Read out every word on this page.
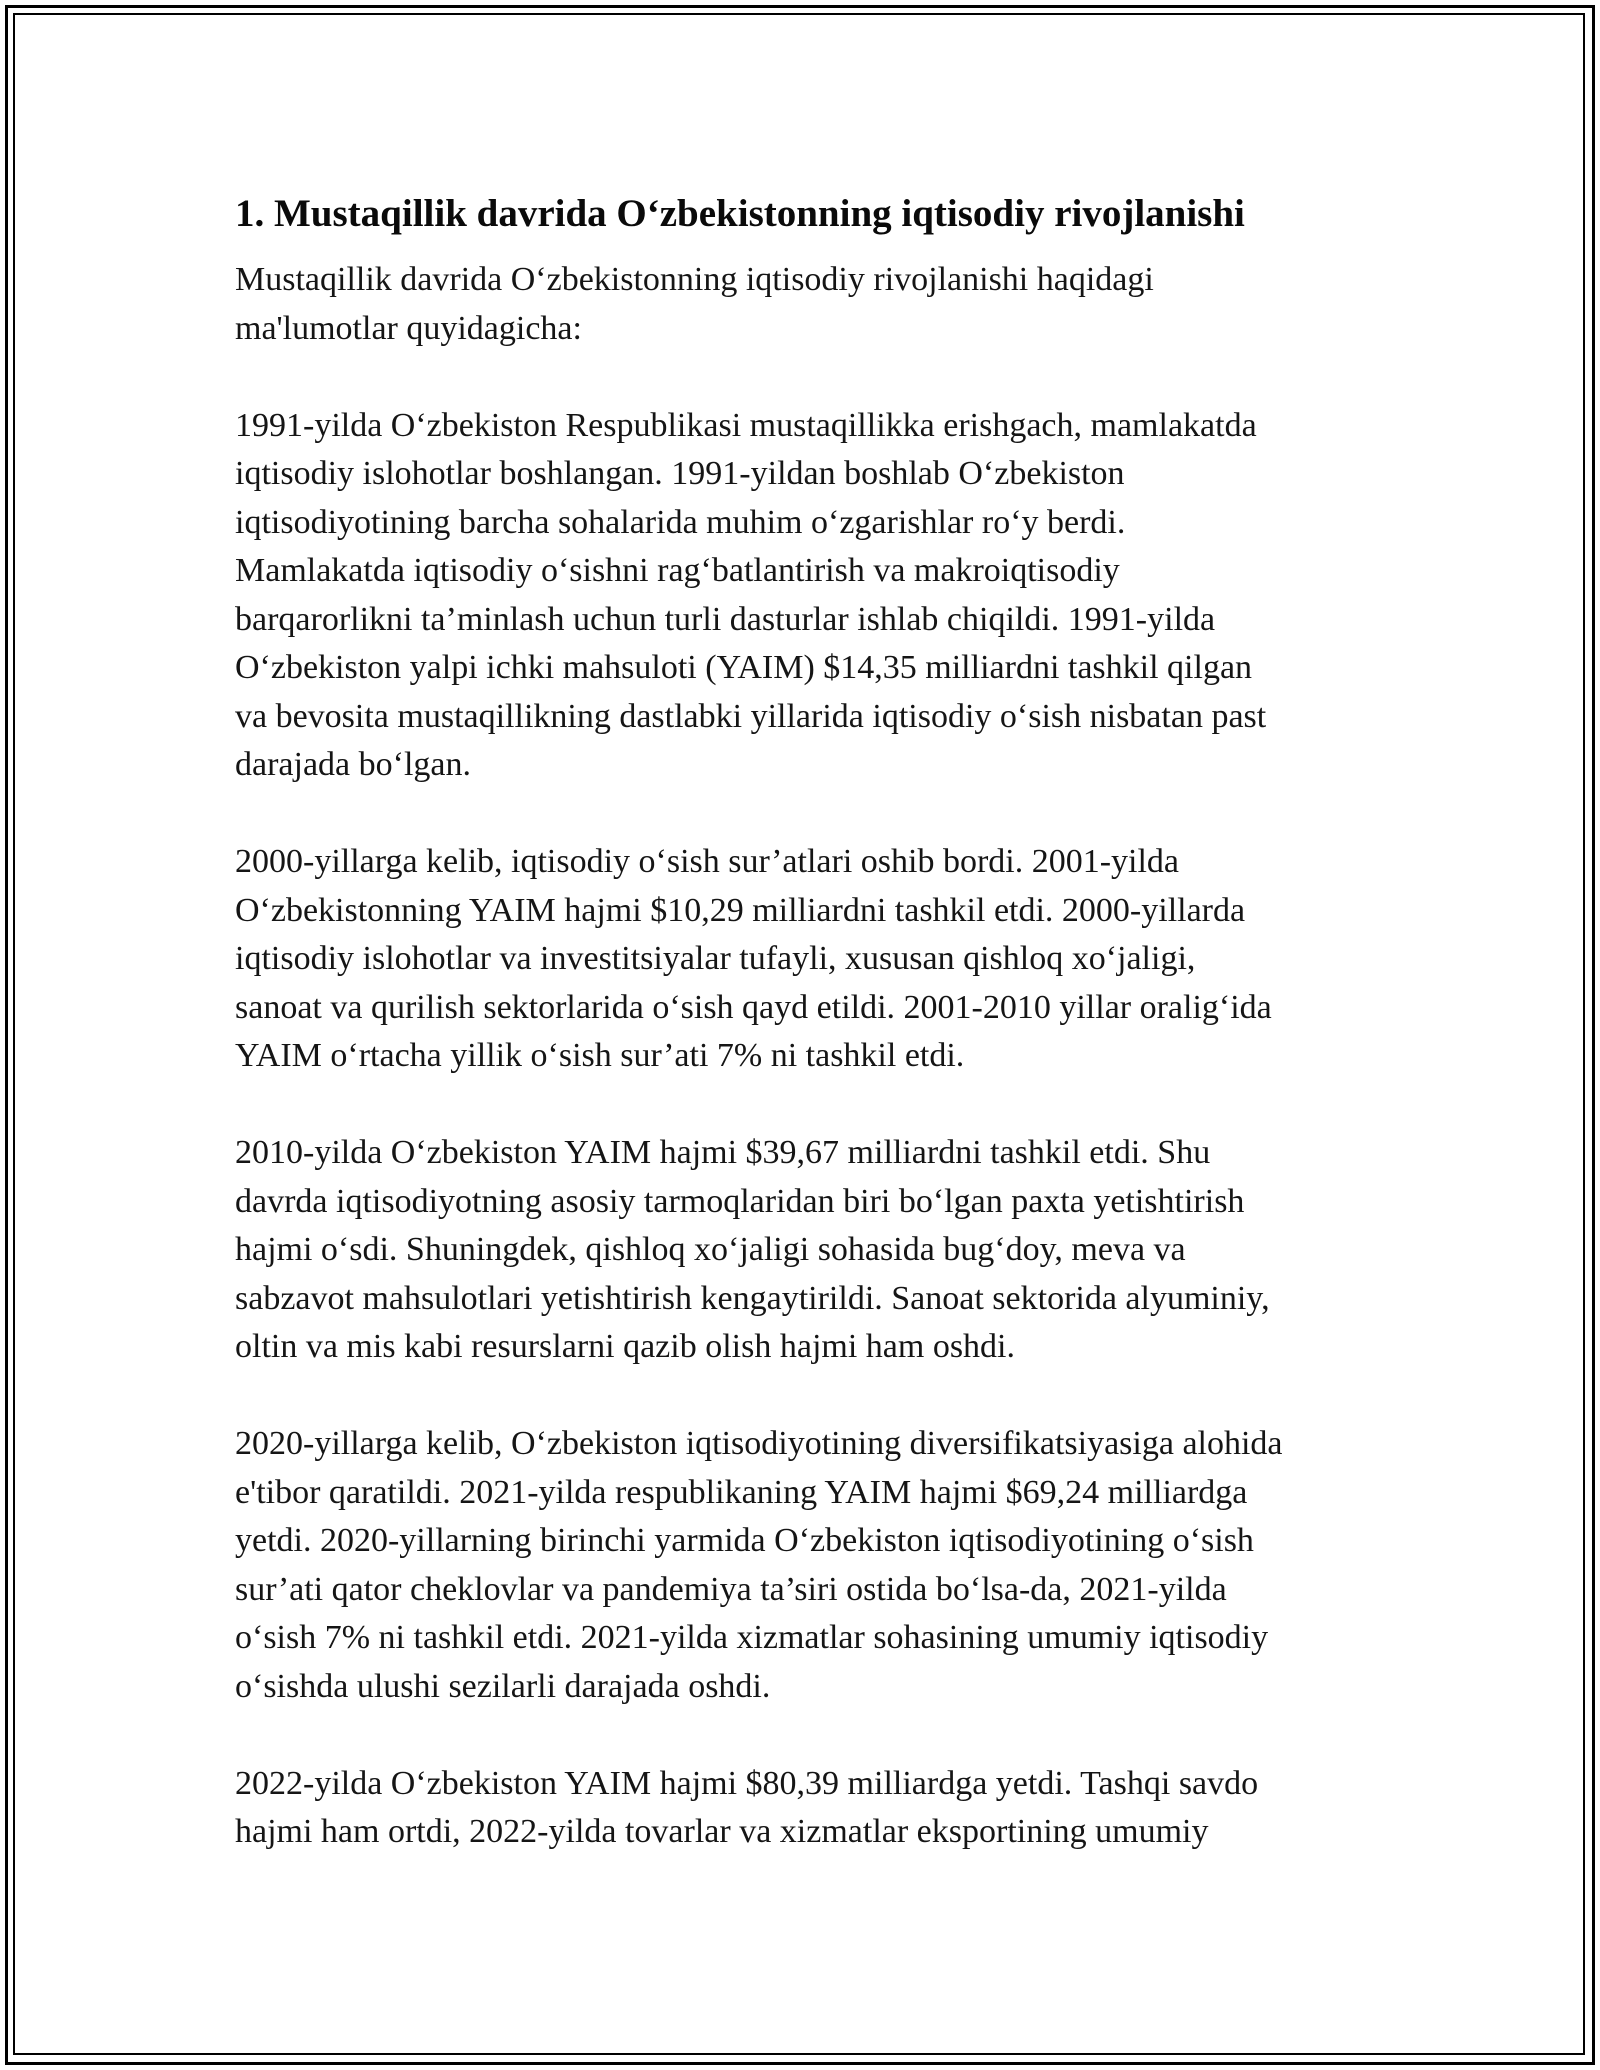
1. Mustaqillik davrida O‘zbekistonning iqtisodiy rivojlanishi

Mustaqillik davrida O‘zbekistonning iqtisodiy rivojlanishi haqidagi
ma'lumotlar quyidagicha:

1991-yilda O‘zbekiston Respublikasi mustaqillikka erishgach, mamlakatda
iqtisodiy islohotlar boshlangan. 1991-yildan boshlab O‘zbekiston
iqtisodiyotining barcha sohalarida muhim o‘zgarishlar ro‘y berdi.
Mamlakatda iqtisodiy o‘sishni rag‘batlantirish va makroiqtisodiy
barqarorlikni ta’minlash uchun turli dasturlar ishlab chiqildi. 1991-yilda
O‘zbekiston yalpi ichki mahsuloti (YAIM) $14,35 milliardni tashkil qilgan
va bevosita mustaqillikning dastlabki yillarida iqtisodiy o‘sish nisbatan past
darajada bo‘lgan.

2000-yillarga kelib, iqtisodiy o‘sish sur’atlari oshib bordi. 2001-yilda
O‘zbekistonning YAIM hajmi $10,29 milliardni tashkil etdi. 2000-yillarda
iqtisodiy islohotlar va investitsiyalar tufayli, xususan qishloq xo‘jaligi,
sanoat va qurilish sektorlarida o‘sish qayd etildi. 2001-2010 yillar oralig‘ida
YAIM o‘rtacha yillik o‘sish sur’ati 7% ni tashkil etdi.

2010-yilda O‘zbekiston YAIM hajmi $39,67 milliardni tashkil etdi. Shu
davrda iqtisodiyotning asosiy tarmoqlaridan biri bo‘lgan paxta yetishtirish
hajmi o‘sdi. Shuningdek, qishloq xo‘jaligi sohasida bug‘doy, meva va
sabzavot mahsulotlari yetishtirish kengaytirildi. Sanoat sektorida alyuminiy,
oltin va mis kabi resurslarni qazib olish hajmi ham oshdi.

2020-yillarga kelib, O‘zbekiston iqtisodiyotining diversifikatsiyasiga alohida
e'tibor qaratildi. 2021-yilda respublikaning YAIM hajmi $69,24 milliardga
yetdi. 2020-yillarning birinchi yarmida O‘zbekiston iqtisodiyotining o‘sish
sur’ati qator cheklovlar va pandemiya ta’siri ostida bo‘lsa-da, 2021-yilda
o‘sish 7% ni tashkil etdi. 2021-yilda xizmatlar sohasining umumiy iqtisodiy
o‘sishda ulushi sezilarli darajada oshdi.

2022-yilda O‘zbekiston YAIM hajmi $80,39 milliardga yetdi. Tashqi savdo
hajmi ham ortdi, 2022-yilda tovarlar va xizmatlar eksportining umumiy
